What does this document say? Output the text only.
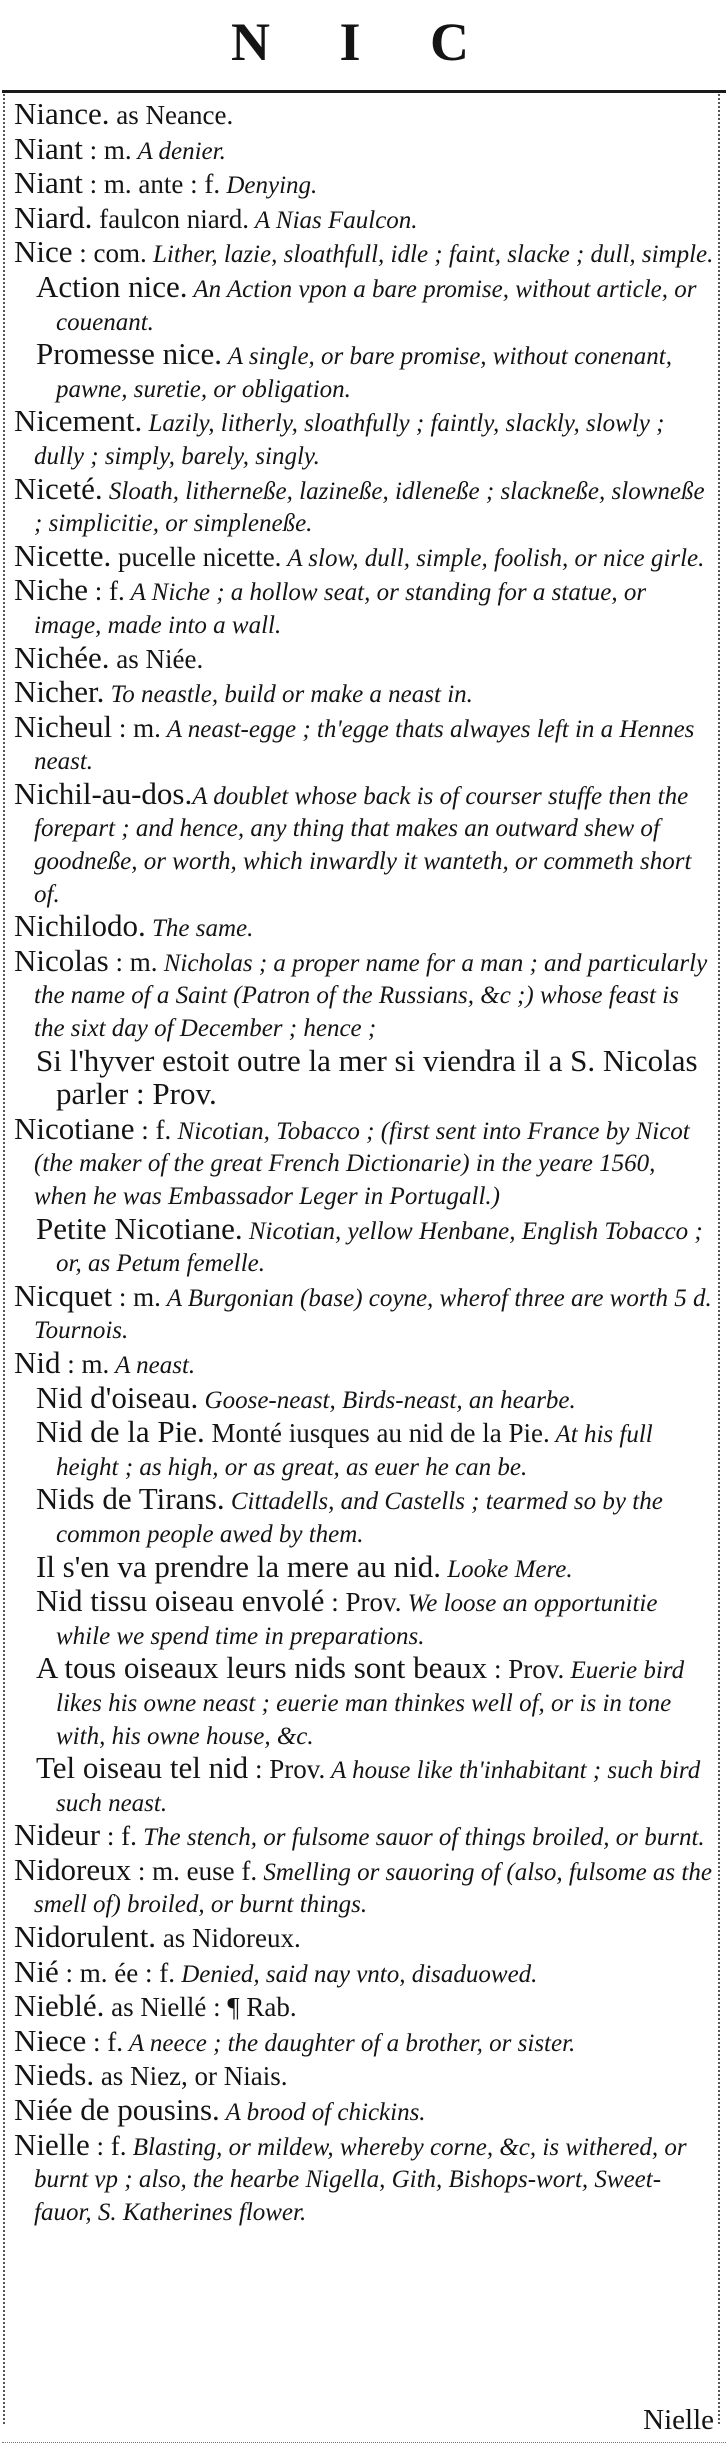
N I C

Niance. as Neance.

Niant : m. A denier.

Niant : m. ante : f. Denying.

Niard. faulcon niard. A Nias Faulcon.

Nice : com. Lither, lazie, sloathfull, idle ; faint, slacke ; dull, simple.

Action nice. An Action vpon a bare promise, without article, or couenant.

Promesse nice. A single, or bare promise, without conenant, pawne, suretie, or obligation.

Nicement. Lazily, litherly, sloathfully ; faintly, slackly, slowly ; dully ; simply, barely, singly.

Niceté. Sloath, litherneße, lazineße, idleneße ; slackneße, slowneße ; simplicitie, or simpleneße.

Nicette. pucelle nicette. A slow, dull, simple, foolish, or nice girle.

Niche : f. A Niche ; a hollow seat, or standing for a statue, or image, made into a wall.

Nichée. as Niée.

Nicher. To neastle, build or make a neast in.

Nicheul : m. A neast-egge ; th'egge thats alwayes left in a Hennes neast.

Nichil-au-dos.A doublet whose back is of courser stuffe then the forepart ; and hence, any thing that makes an outward shew of goodneße, or worth, which inwardly it wanteth, or commeth short of.

Nichilodo. The same.

Nicolas : m. Nicholas ; a proper name for a man ; and particularly the name of a Saint (Patron of the Russians, &c ;) whose feast is the sixt day of December ; hence ;

Si l'hyver estoit outre la mer si viendra il a S. Nicolas parler : Prov.

Nicotiane : f. Nicotian, Tobacco ; (first sent into France by Nicot (the maker of the great French Dictionarie) in the yeare 1560, when he was Embassador Leger in Portugall.)

Petite Nicotiane. Nicotian, yellow Henbane, English Tobacco ; or, as Petum femelle.

Nicquet : m. A Burgonian (base) coyne, wherof three are worth 5 d. Tournois.

Nid : m. A neast.

Nid d'oiseau. Goose-neast, Birds-neast, an hearbe.

Nid de la Pie. Monté iusques au nid de la Pie. At his full height ; as high, or as great, as euer he can be.

Nids de Tirans. Cittadells, and Castells ; tearmed so by the common people awed by them.

Il s'en va prendre la mere au nid. Looke Mere.

Nid tissu oiseau envolé : Prov. We loose an opportunitie while we spend time in preparations.

A tous oiseaux leurs nids sont beaux : Prov. Euerie bird likes his owne neast ; euerie man thinkes well of, or is in tone with, his owne house, &c.

Tel oiseau tel nid : Prov. A house like th'inhabitant ; such bird such neast.

Nideur : f. The stench, or fulsome sauor of things broiled, or burnt.

Nidoreux : m. euse f. Smelling or sauoring of (also, fulsome as the smell of) broiled, or burnt things.

Nidorulent. as Nidoreux.

Nié : m. ée : f. Denied, said nay vnto, disaduowed.

Nieblé. as Niellé : ¶ Rab.

Niece : f. A neece ; the daughter of a brother, or sister.

Nieds. as Niez, or Niais.

Niée de pousins. A brood of chickins.

Nielle : f. Blasting, or mildew, whereby corne, &c, is withered, or burnt vp ; also, the hearbe Nigella, Gith, Bishops-wort, Sweet-fauor, S. Katherines flower.

Nielle
